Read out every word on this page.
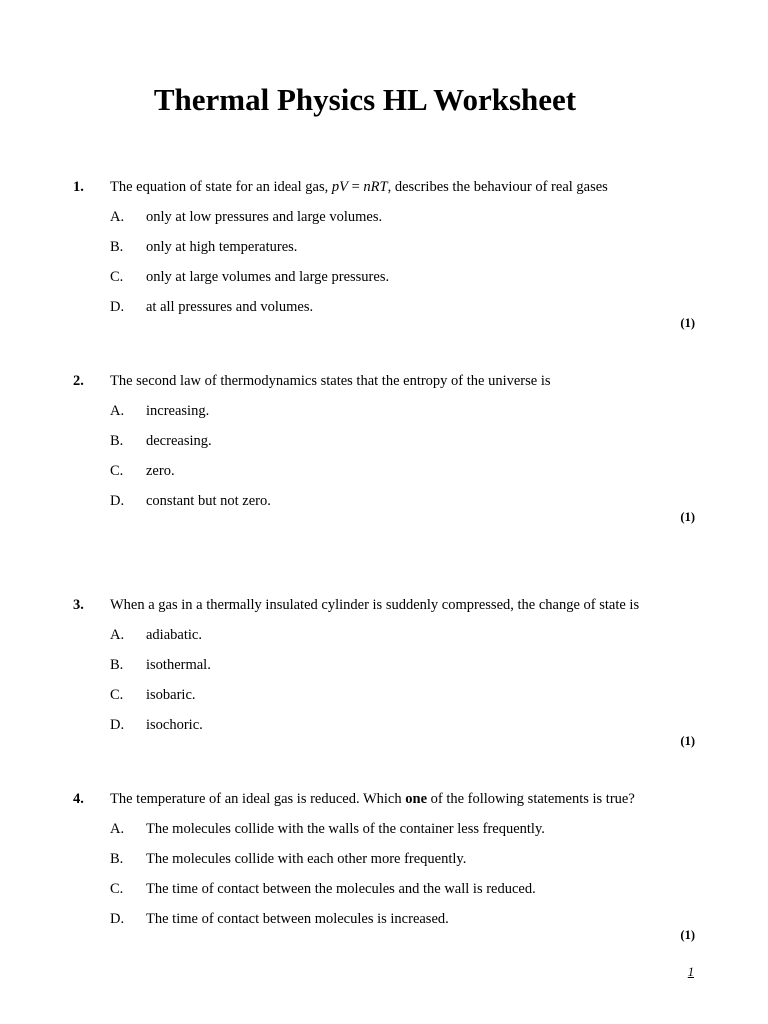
Thermal Physics HL Worksheet
1. The equation of state for an ideal gas, pV = nRT, describes the behaviour of real gases
A. only at low pressures and large volumes.
B. only at high temperatures.
C. only at large volumes and large pressures.
D. at all pressures and volumes.
(1)
2. The second law of thermodynamics states that the entropy of the universe is
A. increasing.
B. decreasing.
C. zero.
D. constant but not zero.
(1)
3. When a gas in a thermally insulated cylinder is suddenly compressed, the change of state is
A. adiabatic.
B. isothermal.
C. isobaric.
D. isochoric.
(1)
4. The temperature of an ideal gas is reduced. Which one of the following statements is true?
A. The molecules collide with the walls of the container less frequently.
B. The molecules collide with each other more frequently.
C. The time of contact between the molecules and the wall is reduced.
D. The time of contact between molecules is increased.
(1)
1
